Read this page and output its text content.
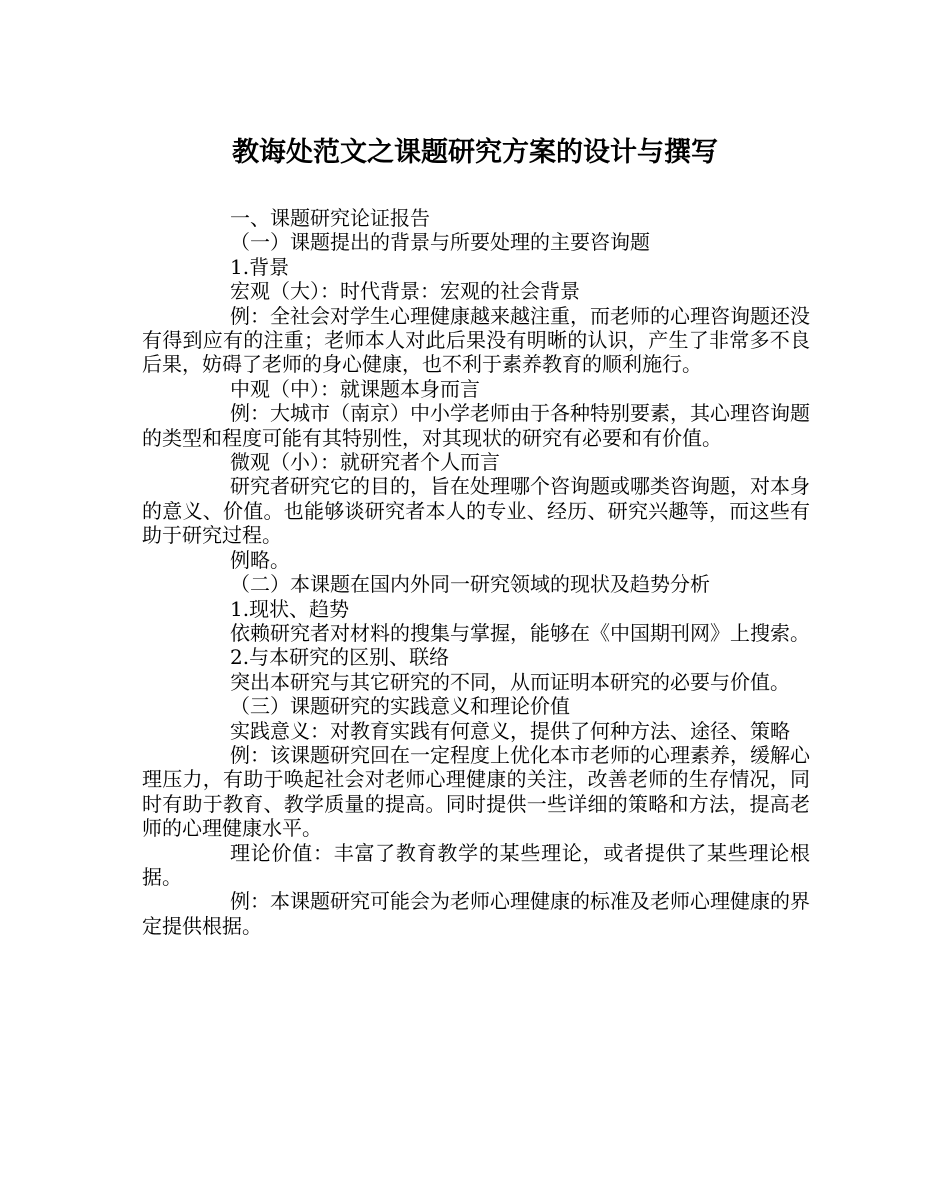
教诲处范文之课题研究方案的设计与撰写

一、课题研究论证报告

（一）课题提出的背景与所要处理的主要咨询题

1.背景

宏观（大）：时代背景：宏观的社会背景

例：全社会对学生心理健康越来越注重，而老师的心理咨询题还没有得到应有的注重；老师本人对此后果没有明晰的认识，产生了非常多不良后果，妨碍了老师的身心健康，也不利于素养教育的顺利施行。

中观（中）：就课题本身而言

例：大城市（南京）中小学老师由于各种特别要素，其心理咨询题的类型和程度可能有其特别性，对其现状的研究有必要和有价值。

微观（小）：就研究者个人而言

研究者研究它的目的，旨在处理哪个咨询题或哪类咨询题，对本身的意义、价值。也能够谈研究者本人的专业、经历、研究兴趣等，而这些有助于研究过程。

例略。

（二）本课题在国内外同一研究领域的现状及趋势分析

1.现状、趋势

依赖研究者对材料的搜集与掌握，能够在《中国期刊网》上搜索。

2.与本研究的区别、联络

突出本研究与其它研究的不同，从而证明本研究的必要与价值。

（三）课题研究的实践意义和理论价值

实践意义：对教育实践有何意义，提供了何种方法、途径、策略

例：该课题研究回在一定程度上优化本市老师的心理素养，缓解心理压力，有助于唤起社会对老师心理健康的关注，改善老师的生存情况，同时有助于教育、教学质量的提高。同时提供一些详细的策略和方法，提高老师的心理健康水平。

理论价值：丰富了教育教学的某些理论，或者提供了某些理论根据。

例：本课题研究可能会为老师心理健康的标准及老师心理健康的界定提供根据。
